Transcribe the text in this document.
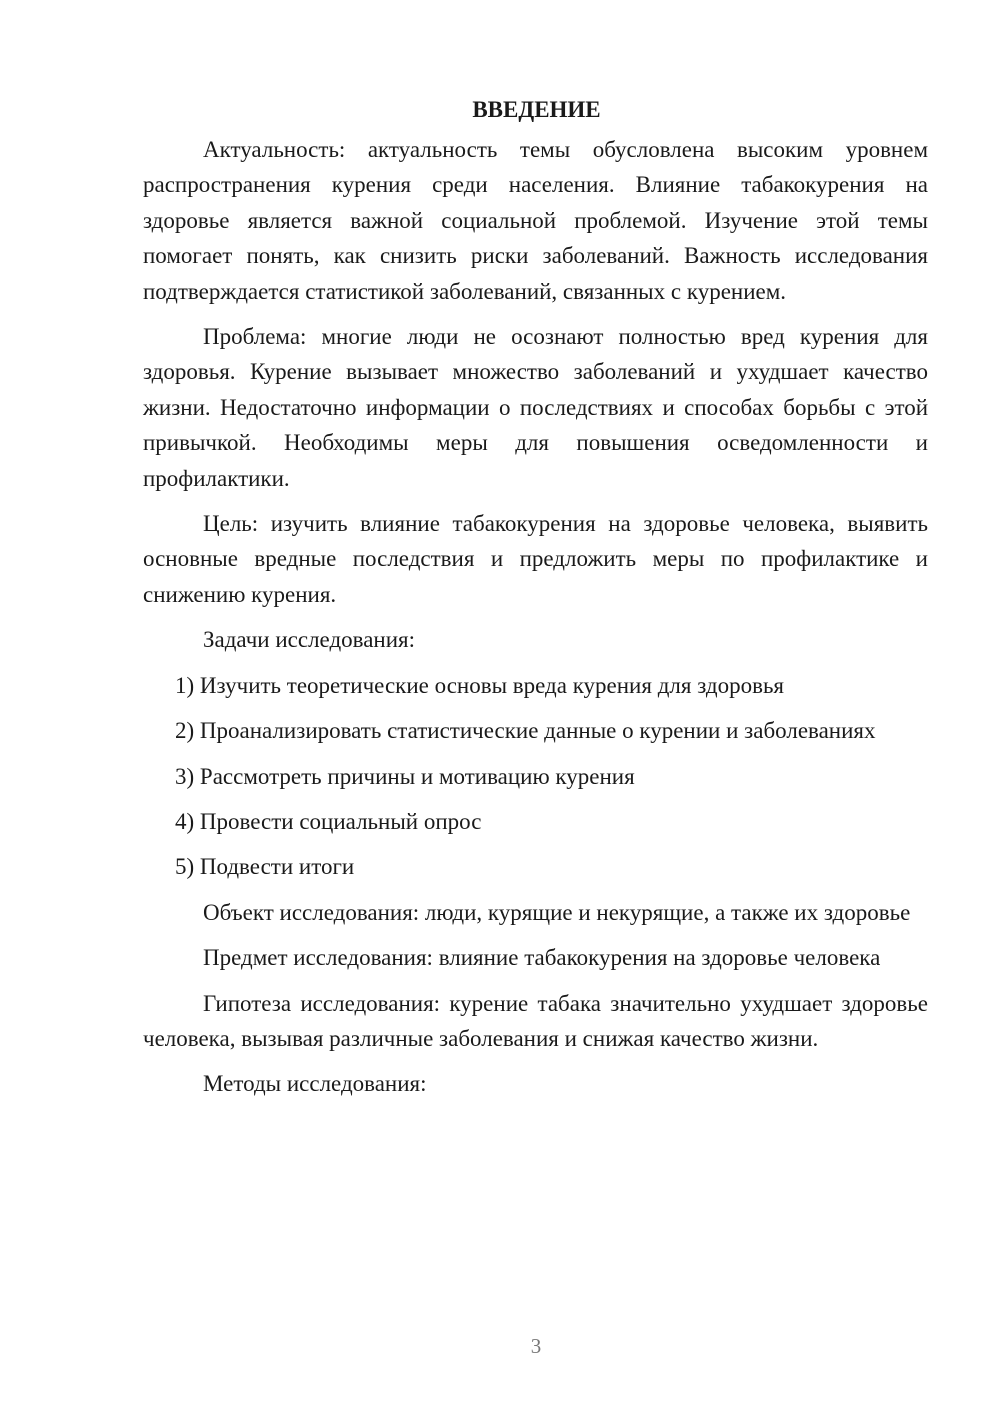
ВВЕДЕНИЕ

Актуальность: актуальность темы обусловлена высоким уровнем распространения курения среди населения. Влияние табакокурения на здоровье является важной социальной проблемой. Изучение этой темы помогает понять, как снизить риски заболеваний. Важность исследования подтверждается статистикой заболеваний, связанных с курением.

Проблема: многие люди не осознают полностью вред курения для здоровья. Курение вызывает множество заболеваний и ухудшает качество жизни. Недостаточно информации о последствиях и способах борьбы с этой привычкой. Необходимы меры для повышения осведомленности и профилактики.

Цель: изучить влияние табакокурения на здоровье человека, выявить основные вредные последствия и предложить меры по профилактике и снижению курения.

Задачи исследования:

1) Изучить теоретические основы вреда курения для здоровья

2) Проанализировать статистические данные о курении и заболеваниях

3) Рассмотреть причины и мотивацию курения

4) Провести социальный опрос

5) Подвести итоги

Объект исследования: люди, курящие и некурящие, а также их здоровье

Предмет исследования: влияние табакокурения на здоровье человека

Гипотеза исследования: курение табака значительно ухудшает здоровье человека, вызывая различные заболевания и снижая качество жизни.

Методы исследования:

3
